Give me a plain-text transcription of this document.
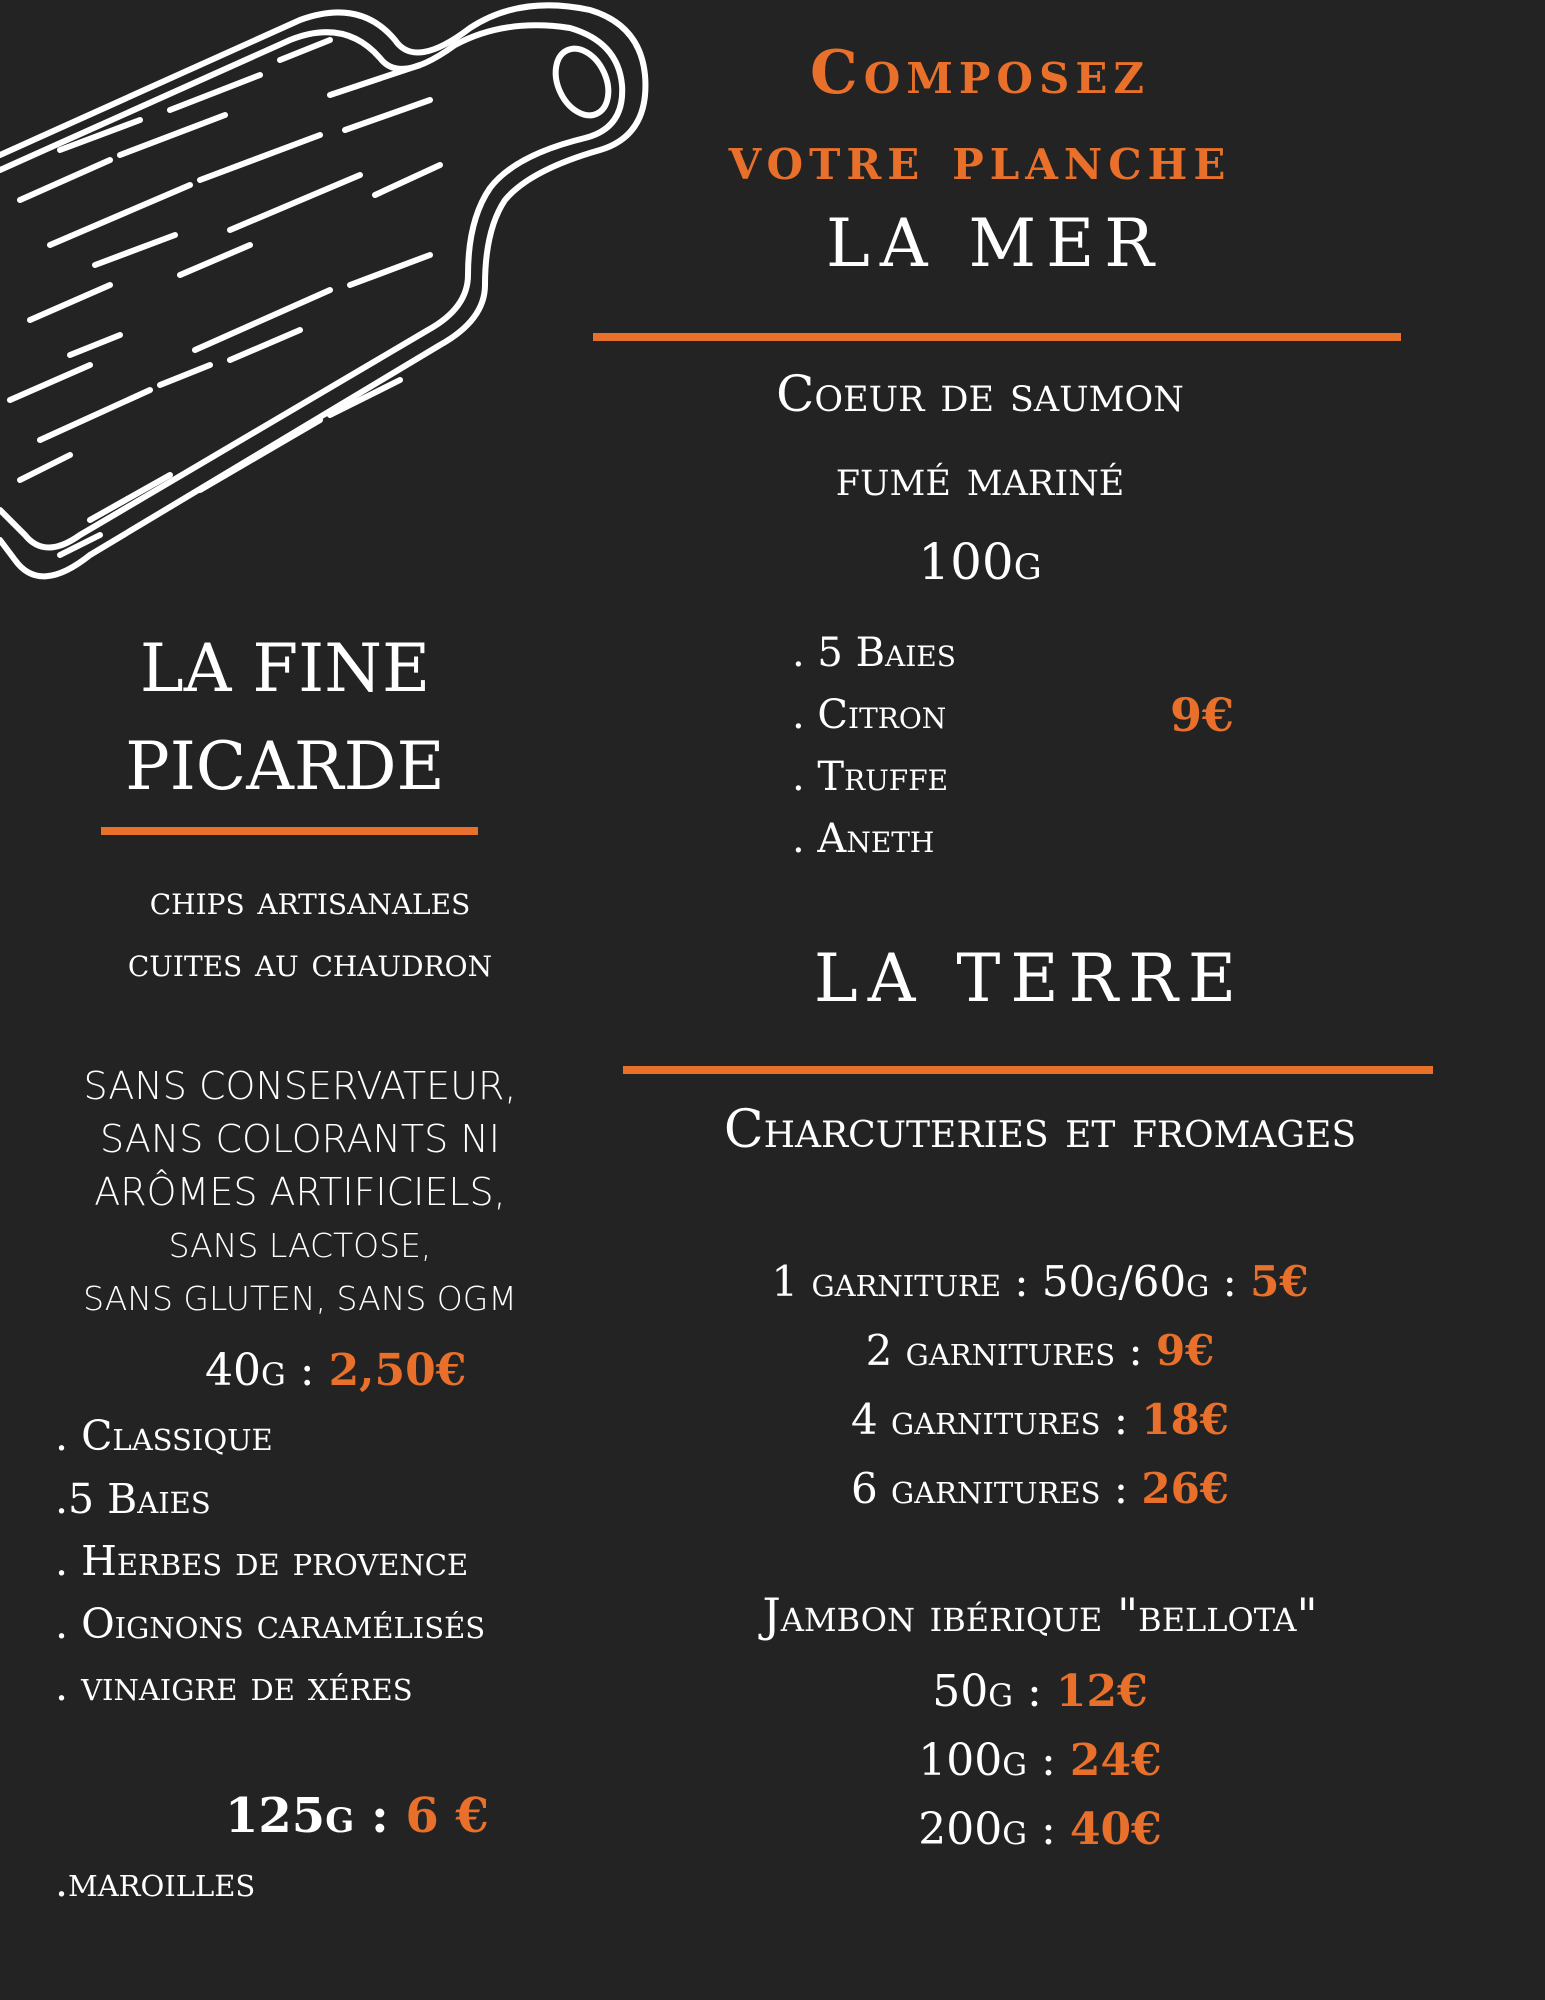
Composez
votre planche
LA MER
Coeur de saumon
fumé mariné
100g
. 5 Baies
. Citron
. Truffe
. Aneth
9€
LA FINE
PICARDE
chips artisanales
cuites au chaudron
SANS CONSERVATEUR,
SANS COLORANTS NI
ARÔMES ARTIFICIELS,
SANS LACTOSE,
SANS GLUTEN, SANS OGM
40g : 2,50€
. Classique
.5 Baies
. Herbes de provence
. Oignons caramélisés
. vinaigre de xéres
125g : 6 €
.maroilles
LA TERRE
Charcuteries et fromages
1 garniture : 50g/60g : 5€
2 garnitures : 9€
4 garnitures : 18€
6 garnitures : 26€
Jambon ibérique "bellota"
50g : 12€
100g : 24€
200g : 40€
